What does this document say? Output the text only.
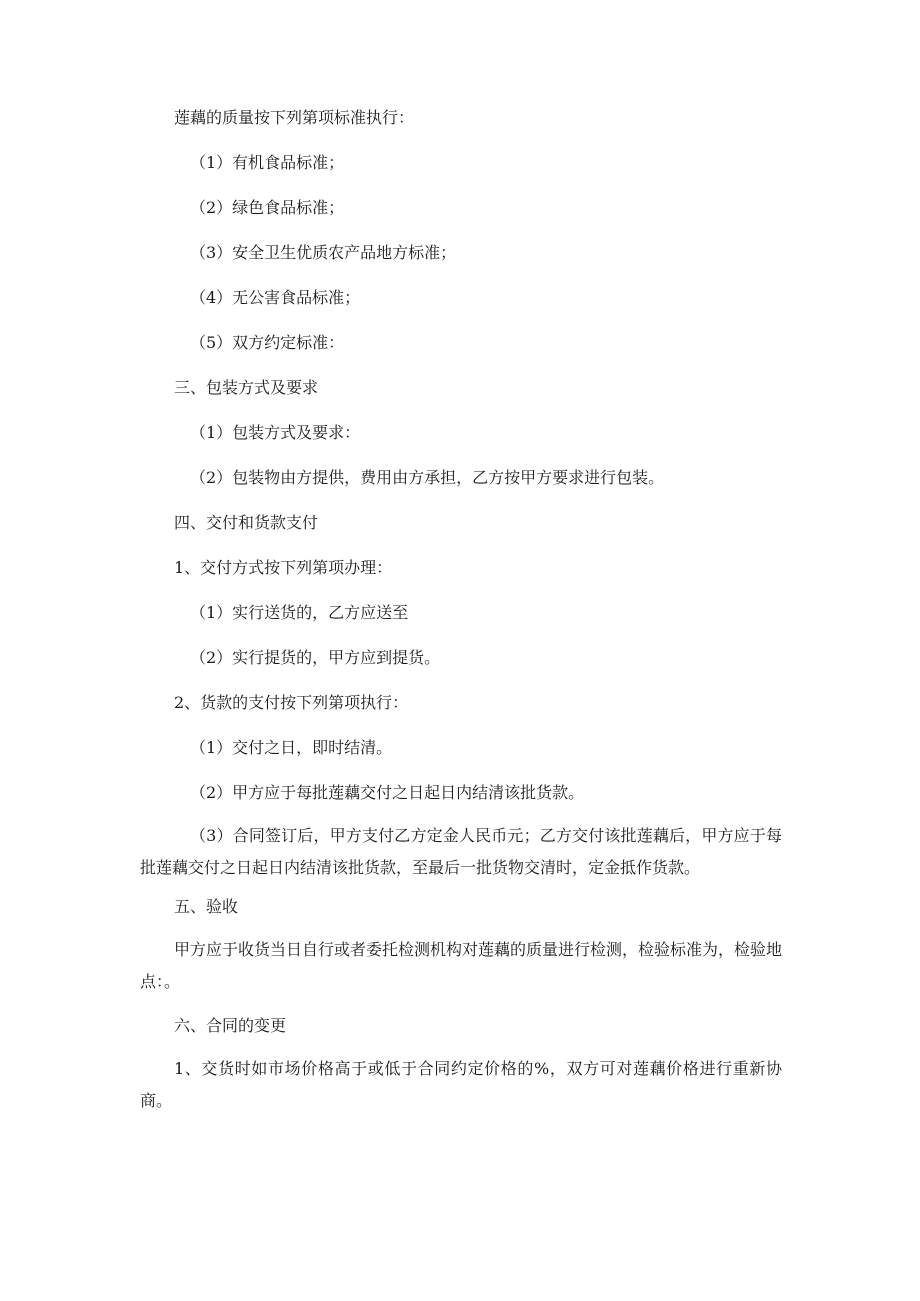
莲藕的质量按下列第项标准执行：

（1）有机食品标准；

（2）绿色食品标准；

（3）安全卫生优质农产品地方标准；

（4）无公害食品标准；

（5）双方约定标准：

三、包装方式及要求

（1）包装方式及要求：

（2）包装物由方提供，费用由方承担，乙方按甲方要求进行包装。

四、交付和货款支付

1、交付方式按下列第项办理：

（1）实行送货的，乙方应送至

（2）实行提货的，甲方应到提货。

2、货款的支付按下列第项执行：

（1）交付之日，即时结清。

（2）甲方应于每批莲藕交付之日起日内结清该批货款。

（3）合同签订后，甲方支付乙方定金人民币元；乙方交付该批莲藕后，甲方应于每批莲藕交付之日起日内结清该批货款，至最后一批货物交清时，定金抵作货款。

五、验收

甲方应于收货当日自行或者委托检测机构对莲藕的质量进行检测，检验标准为，检验地点：。

六、合同的变更

1、交货时如市场价格高于或低于合同约定价格的%，双方可对莲藕价格进行重新协商。
